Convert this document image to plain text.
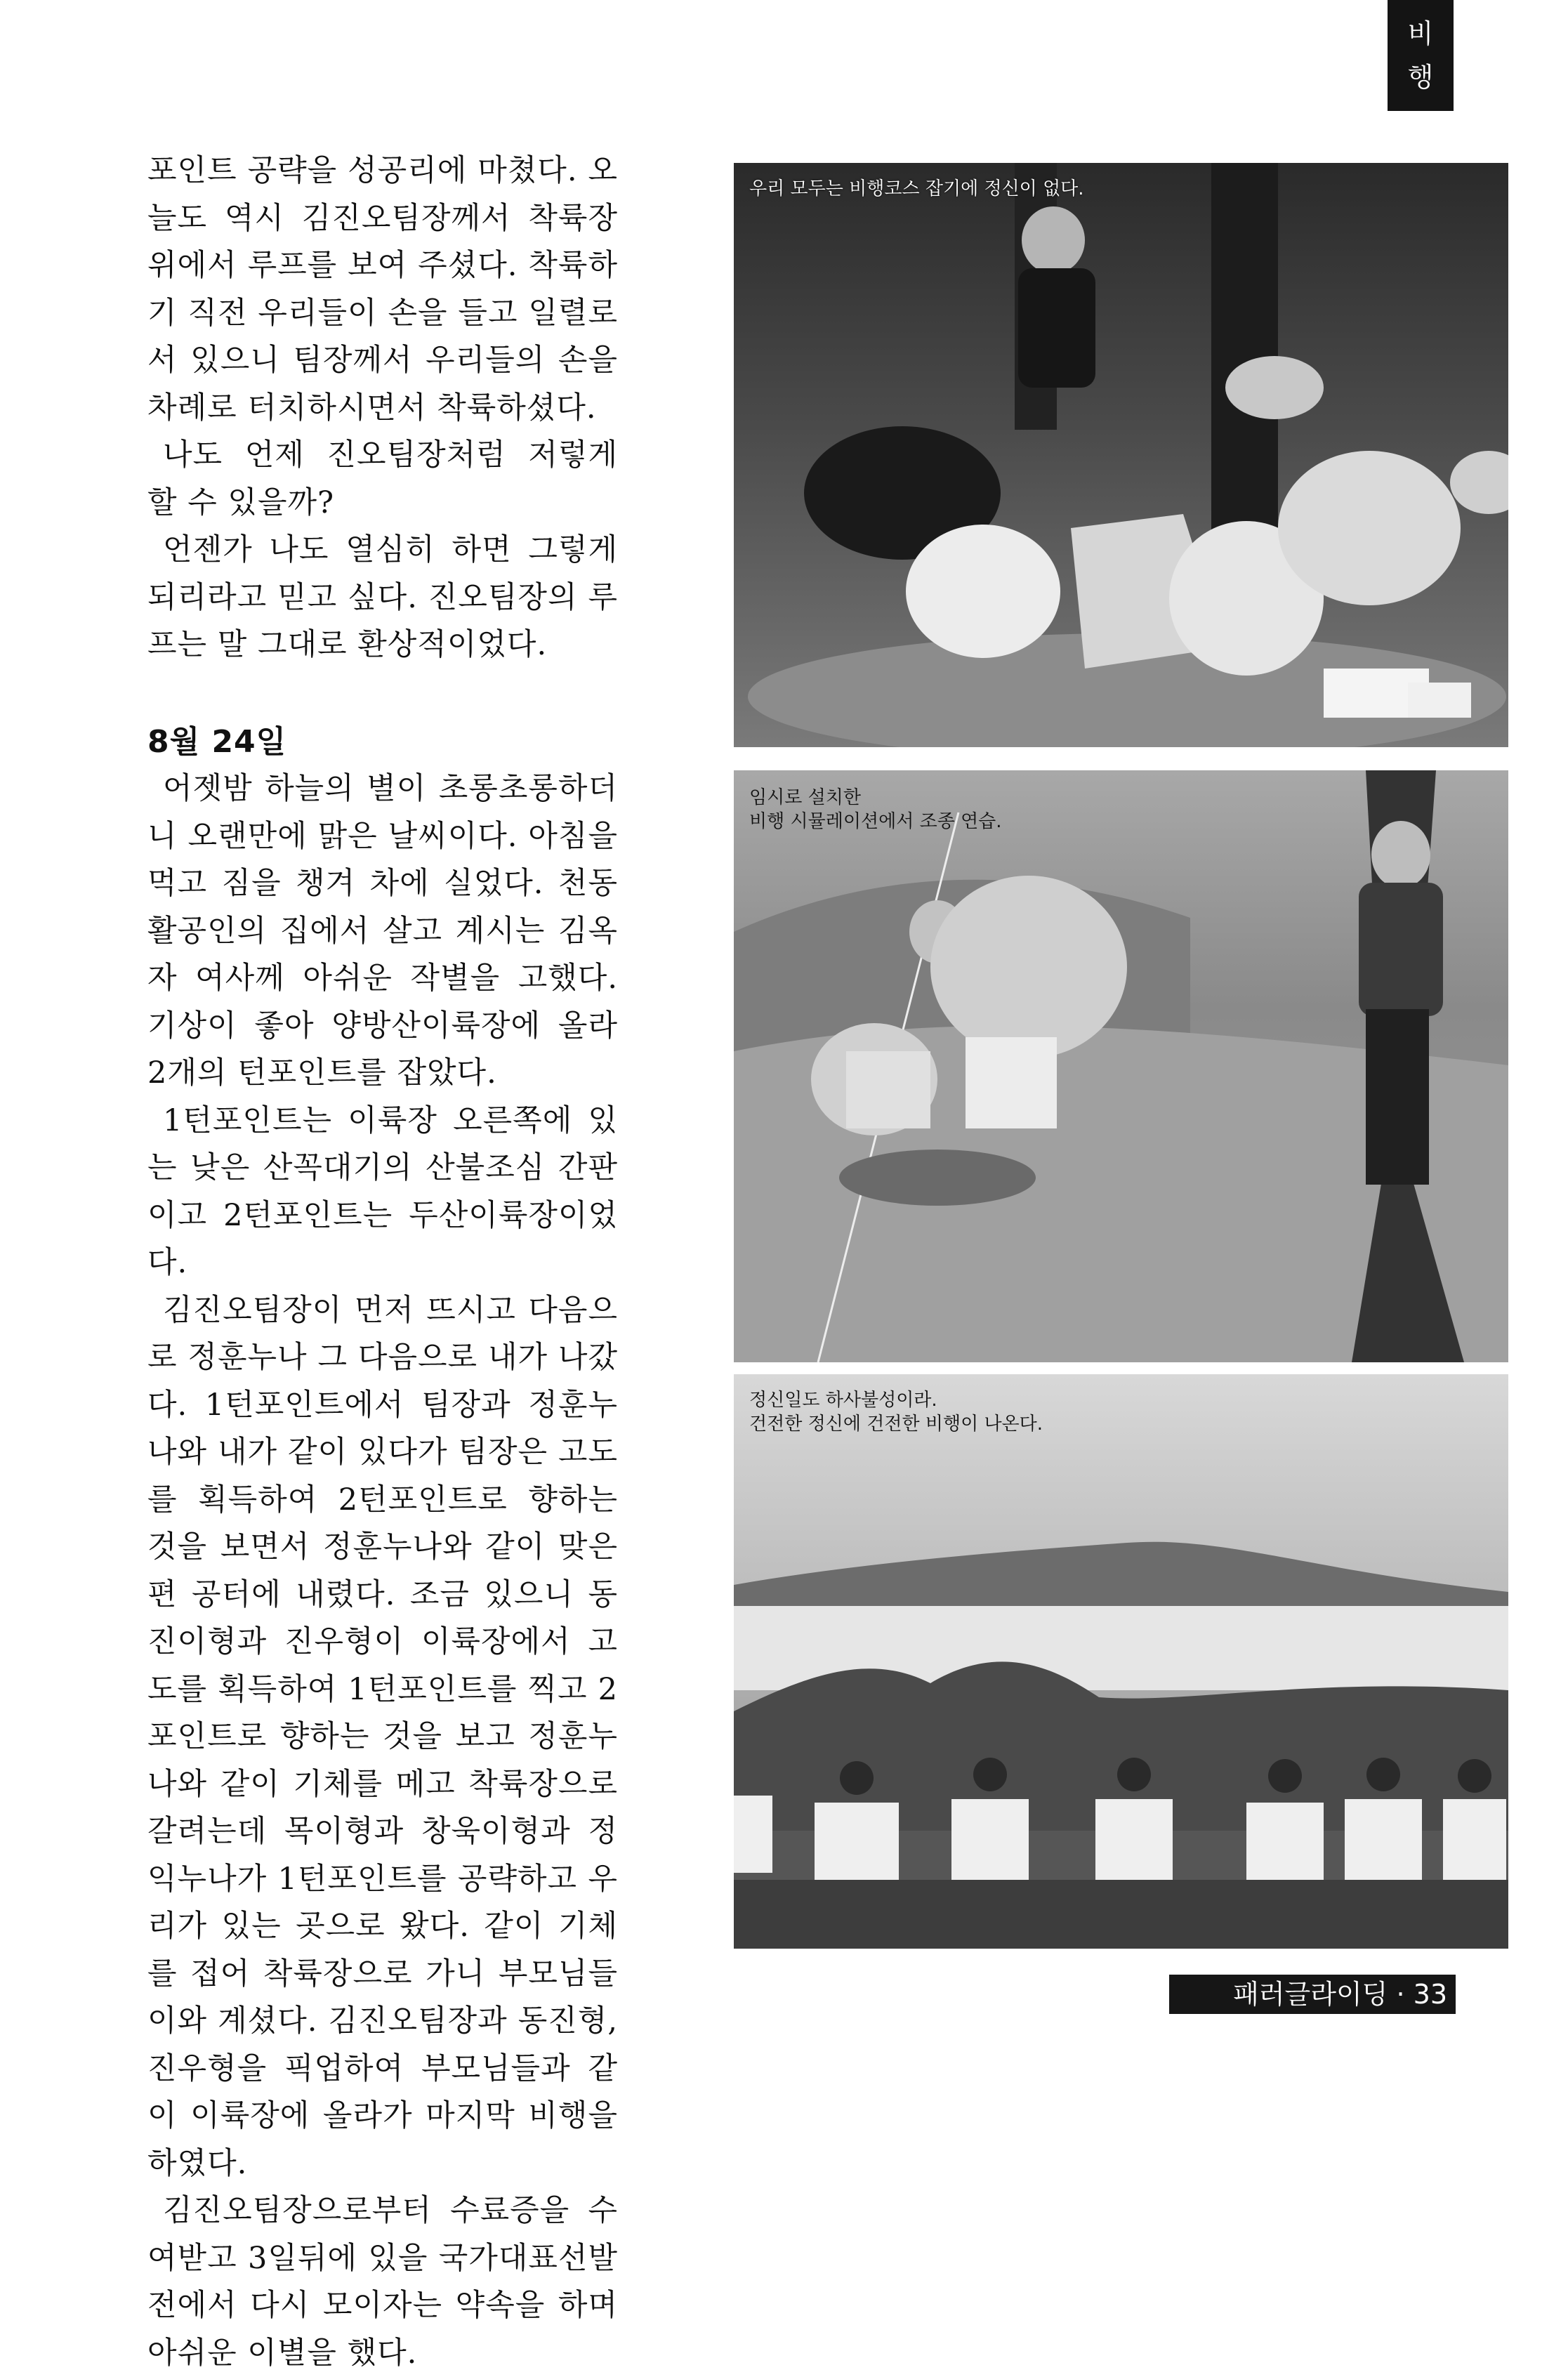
비
행

포인트 공략을 성공리에 마쳤다. 오늘도 역시 김진오팀장께서 착륙장 위에서 루프를 보여 주셨다. 착륙하기 직전 우리들이 손을 들고 일렬로 서 있으니 팀장께서 우리들의 손을 차례로 터치하시면서 착륙하셨다.

나도 언제 진오팀장처럼 저렇게 할 수 있을까?

언젠가 나도 열심히 하면 그렇게 되리라고 믿고 싶다. 진오팀장의 루프는 말 그대로 환상적이었다.

8월 24일

어젯밤 하늘의 별이 초롱초롱하더니 오랜만에 맑은 날씨이다. 아침을 먹고 짐을 챙겨 차에 실었다. 천동 활공인의 집에서 살고 계시는 김옥자 여사께 아쉬운 작별을 고했다. 기상이 좋아 양방산이륙장에 올라 2개의 턴포인트를 잡았다.

1턴포인트는 이륙장 오른쪽에 있는 낮은 산꼭대기의 산불조심 간판이고 2턴포인트는 두산이륙장이었다.

김진오팀장이 먼저 뜨시고 다음으로 정훈누나 그 다음으로 내가 나갔다. 1턴포인트에서 팀장과 정훈누나와 내가 같이 있다가 팀장은 고도를 획득하여 2턴포인트로 향하는 것을 보면서 정훈누나와 같이 맞은편 공터에 내렸다. 조금 있으니 동진이형과 진우형이 이륙장에서 고도를 획득하여 1턴포인트를 찍고 2포인트로 향하는 것을 보고 정훈누나와 같이 기체를 메고 착륙장으로 갈려는데 목이형과 창욱이형과 정익누나가 1턴포인트를 공략하고 우리가 있는 곳으로 왔다. 같이 기체를 접어 착륙장으로 가니 부모님들이와 계셨다. 김진오팀장과 동진형, 진우형을 픽업하여 부모님들과 같이 이륙장에 올라가 마지막 비행을 하였다.

김진오팀장으로부터 수료증을 수여받고 3일뒤에 있을 국가대표선발전에서 다시 모이자는 약속을 하며 아쉬운 이별을 했다.

우리 모두는 비행코스 잡기에 정신이 없다.
임시로 설치한
비행 시뮬레이션에서 조종 연습.
정신일도 하사불성이라.
건전한 정신에 건전한 비행이 나온다.
패러글라이딩 · 33
